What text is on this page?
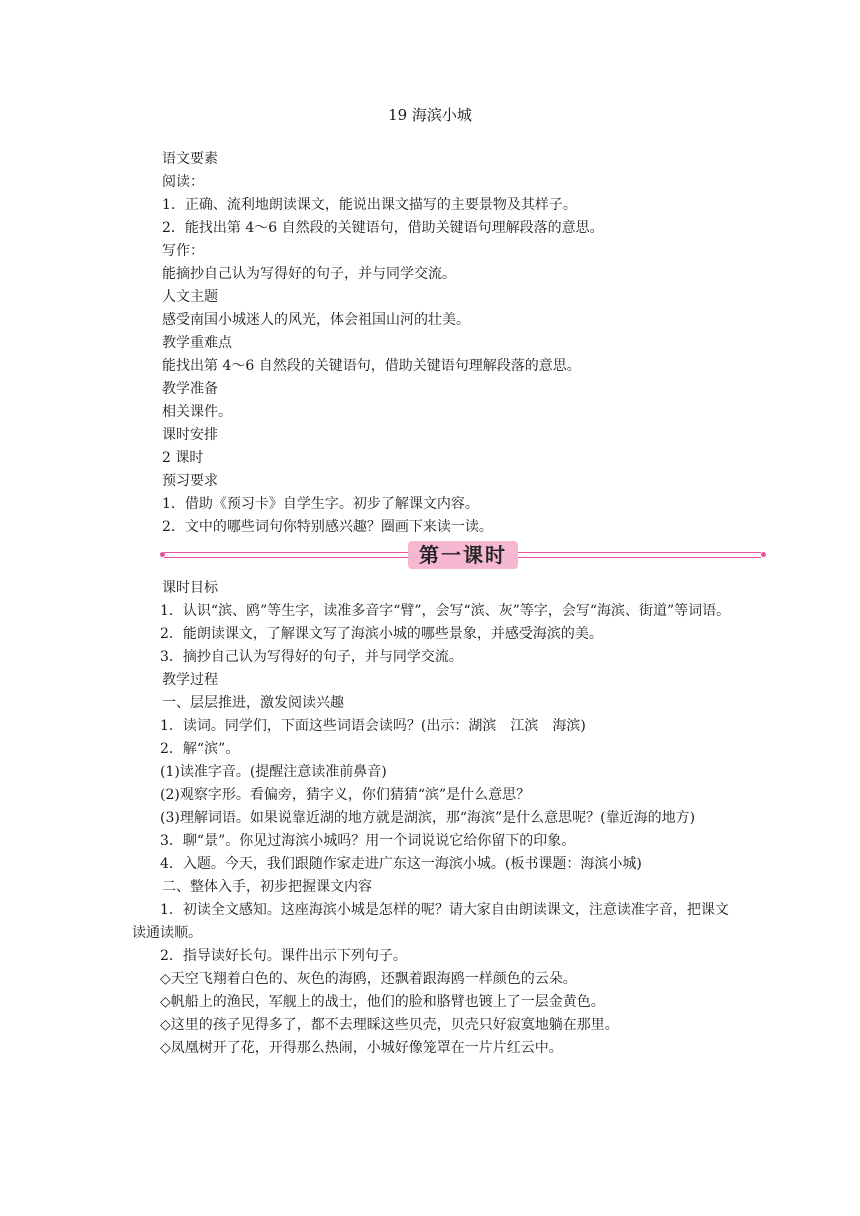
19 海滨小城

语文要素

阅读：

1．正确、流利地朗读课文，能说出课文描写的主要景物及其样子。

2．能找出第 4～6 自然段的关键语句，借助关键语句理解段落的意思。

写作：

能摘抄自己认为写得好的句子，并与同学交流。

人文主题

感受南国小城迷人的风光，体会祖国山河的壮美。

教学重难点

能找出第 4～6 自然段的关键语句，借助关键语句理解段落的意思。

教学准备

相关课件。

课时安排

2 课时

预习要求

1．借助《预习卡》自学生字。初步了解课文内容。

2．文中的哪些词句你特别感兴趣？圈画下来读一读。

第一课时

课时目标

1．认识“滨、鸥”等生字，读准多音字“臂”，会写“滨、灰”等字，会写“海滨、街道”等词语。

2．能朗读课文，了解课文写了海滨小城的哪些景象，并感受海滨的美。

3．摘抄自己认为写得好的句子，并与同学交流。

教学过程

一、层层推进，激发阅读兴趣

1．读词。同学们，下面这些词语会读吗？(出示：湖滨　江滨　海滨)

2．解“滨”。

(1)读准字音。(提醒注意读准前鼻音)

(2)观察字形。看偏旁，猜字义，你们猜猜“滨”是什么意思？

(3)理解词语。如果说靠近湖的地方就是湖滨，那“海滨”是什么意思呢？(靠近海的地方)

3．聊“景”。你见过海滨小城吗？用一个词说说它给你留下的印象。

4．入题。今天，我们跟随作家走进广东这一海滨小城。(板书课题：海滨小城)

二、整体入手，初步把握课文内容

1．初读全文感知。这座海滨小城是怎样的呢？请大家自由朗读课文，注意读准字音，把课文读通读顺。

2．指导读好长句。课件出示下列句子。

◇天空飞翔着白色的、灰色的海鸥，还飘着跟海鸥一样颜色的云朵。

◇帆船上的渔民，军舰上的战士，他们的脸和胳臂也镀上了一层金黄色。

◇这里的孩子见得多了，都不去理睬这些贝壳，贝壳只好寂寞地躺在那里。

◇凤凰树开了花，开得那么热闹，小城好像笼罩在一片片红云中。
